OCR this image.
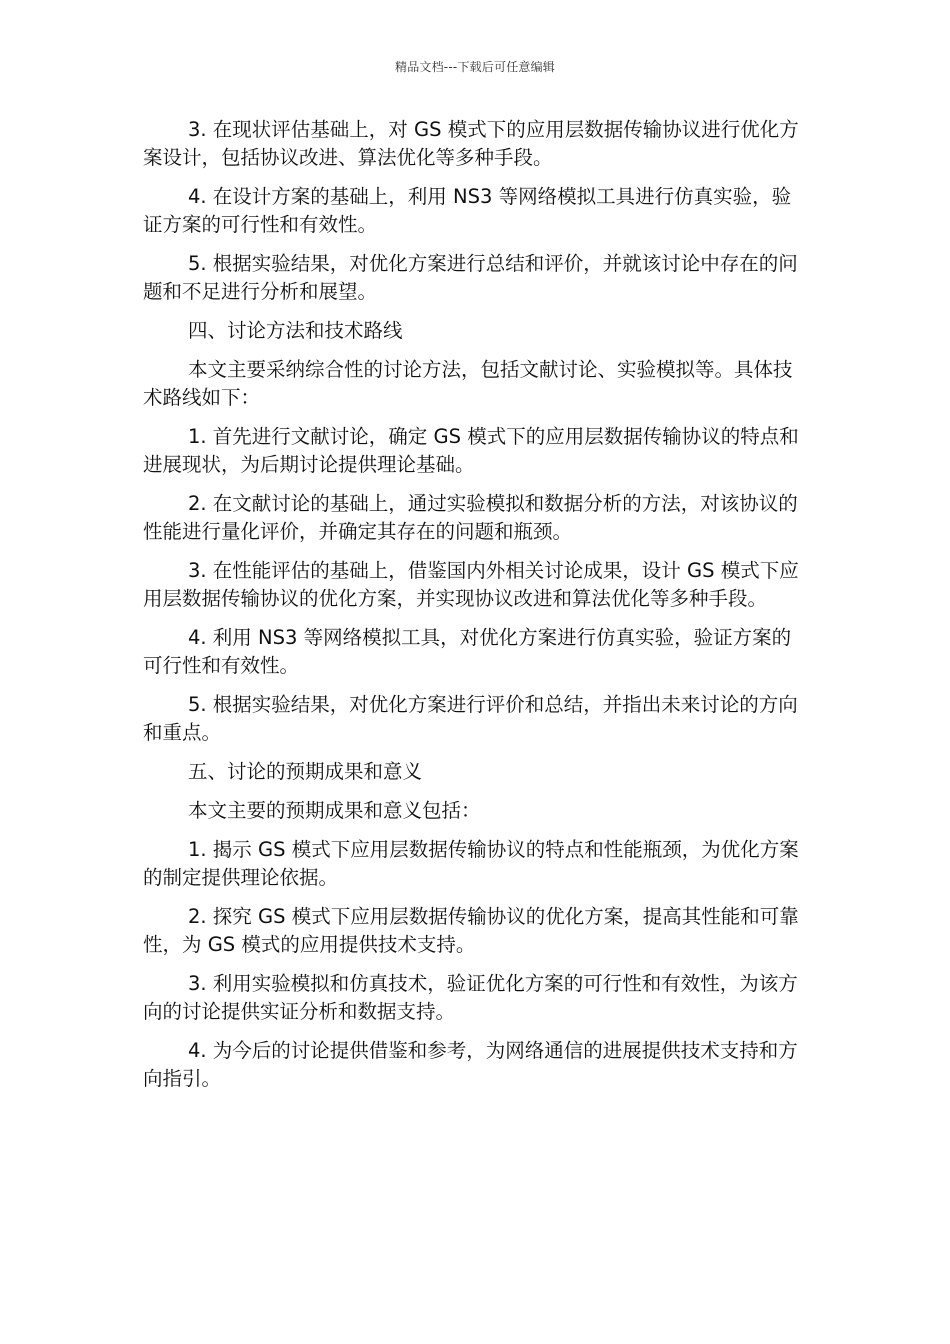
精品文档---下载后可任意编辑

3. 在现状评估基础上，对 GS 模式下的应用层数据传输协议进行优化方案设计，包括协议改进、算法优化等多种手段。

4. 在设计方案的基础上，利用 NS3 等网络模拟工具进行仿真实验，验证方案的可行性和有效性。

5. 根据实验结果，对优化方案进行总结和评价，并就该讨论中存在的问题和不足进行分析和展望。

四、讨论方法和技术路线

本文主要采纳综合性的讨论方法，包括文献讨论、实验模拟等。具体技术路线如下：

1. 首先进行文献讨论，确定 GS 模式下的应用层数据传输协议的特点和进展现状，为后期讨论提供理论基础。

2. 在文献讨论的基础上，通过实验模拟和数据分析的方法，对该协议的性能进行量化评价，并确定其存在的问题和瓶颈。

3. 在性能评估的基础上，借鉴国内外相关讨论成果，设计 GS 模式下应用层数据传输协议的优化方案，并实现协议改进和算法优化等多种手段。

4. 利用 NS3 等网络模拟工具，对优化方案进行仿真实验，验证方案的可行性和有效性。

5. 根据实验结果，对优化方案进行评价和总结，并指出未来讨论的方向和重点。

五、讨论的预期成果和意义

本文主要的预期成果和意义包括：

1. 揭示 GS 模式下应用层数据传输协议的特点和性能瓶颈，为优化方案的制定提供理论依据。

2. 探究 GS 模式下应用层数据传输协议的优化方案，提高其性能和可靠性，为 GS 模式的应用提供技术支持。

3. 利用实验模拟和仿真技术，验证优化方案的可行性和有效性，为该方向的讨论提供实证分析和数据支持。

4. 为今后的讨论提供借鉴和参考，为网络通信的进展提供技术支持和方向指引。
